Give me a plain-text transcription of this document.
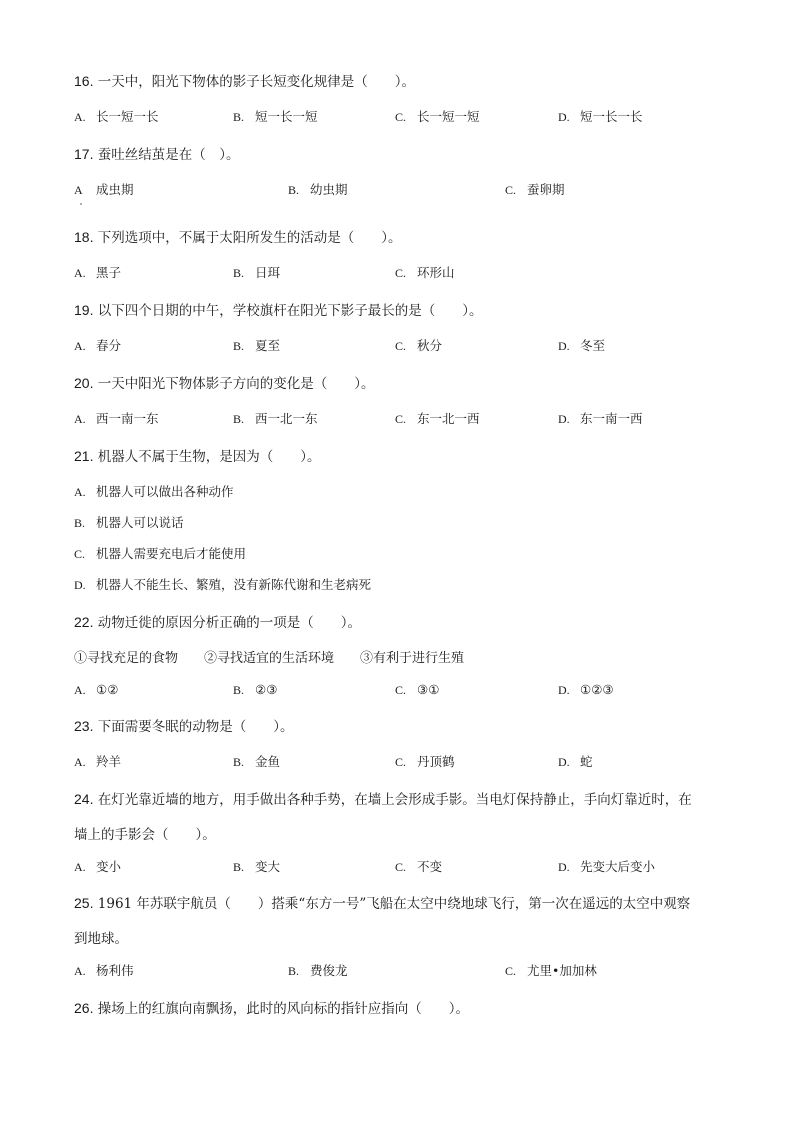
16. 一天中，阳光下物体的影子长短变化规律是（　　）。
A. 长一短一长	B. 短一长一短	C. 长一短一短	D. 短一长一长
17. 蚕吐丝结茧是在（　）。
A 成虫期	B. 幼虫期	C. 蚕卵期
18. 下列选项中，不属于太阳所发生的活动是（　　）。
A. 黑子	B. 日珥	C. 环形山
19. 以下四个日期的中午，学校旗杆在阳光下影子最长的是（　　）。
A. 春分	B. 夏至	C. 秋分	D. 冬至
20. 一天中阳光下物体影子方向的变化是（　　）。
A. 西一南一东	B. 西一北一东	C. 东一北一西	D. 东一南一西
21. 机器人不属于生物，是因为（　　）。
A. 机器人可以做出各种动作
B. 机器人可以说话
C. 机器人需要充电后才能使用
D. 机器人不能生长、繁殖，没有新陈代谢和生老病死
22. 动物迁徙的原因分析正确的一项是（　　）。
①寻找充足的食物　　②寻找适宜的生活环境　　③有利于进行生殖
A. ①②	B. ②③	C. ③①	D. ①②③
23. 下面需要冬眠的动物是（　　）。
A. 羚羊	B. 金鱼	C. 丹顶鹤	D. 蛇
24. 在灯光靠近墙的地方，用手做出各种手势，在墙上会形成手影。当电灯保持静止，手向灯靠近时，在
墙上的手影会（　　）。
A. 变小	B. 变大	C. 不变	D. 先变大后变小
25. 1961 年苏联宇航员（　　）搭乘“东方一号”飞船在太空中绕地球飞行，第一次在遥远的太空中观察
到地球。
A. 杨利伟	B. 费俊龙	C. 尤里•加加林
26. 操场上的红旗向南飘扬，此时的风向标的指针应指向（　　）。
